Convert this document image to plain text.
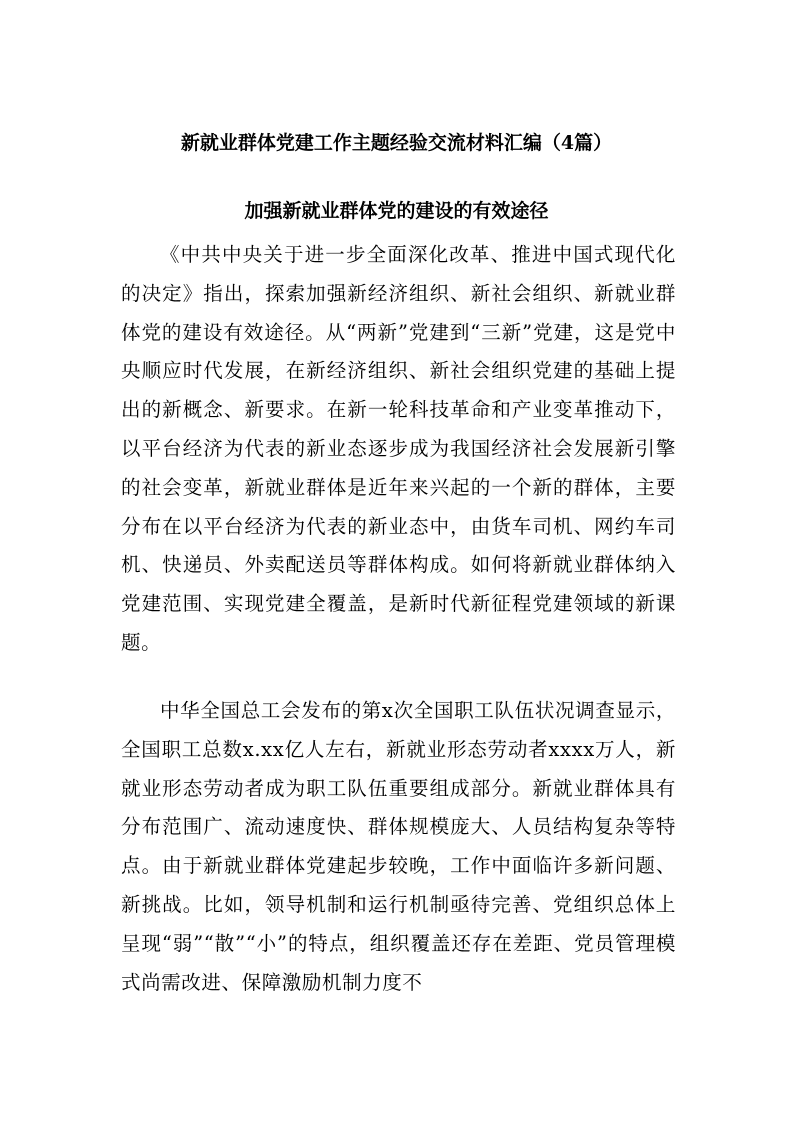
新就业群体党建工作主题经验交流材料汇编（4篇）
加强新就业群体党的建设的有效途径

《中共中央关于进一步全面深化改革、推进中国式现代化的决定》指出，探索加强新经济组织、新社会组织、新就业群体党的建设有效途径。从“两新”党建到“三新”党建，这是党中央顺应时代发展，在新经济组织、新社会组织党建的基础上提出的新概念、新要求。在新一轮科技革命和产业变革推动下，以平台经济为代表的新业态逐步成为我国经济社会发展新引擎的社会变革，新就业群体是近年来兴起的一个新的群体，主要分布在以平台经济为代表的新业态中，由货车司机、网约车司机、快递员、外卖配送员等群体构成。如何将新就业群体纳入党建范围、实现党建全覆盖，是新时代新征程党建领域的新课题。

中华全国总工会发布的第x次全国职工队伍状况调查显示，全国职工总数x.xx亿人左右，新就业形态劳动者xxxx万人，新就业形态劳动者成为职工队伍重要组成部分。新就业群体具有分布范围广、流动速度快、群体规模庞大、人员结构复杂等特点。由于新就业群体党建起步较晚，工作中面临许多新问题、新挑战。比如，领导机制和运行机制亟待完善、党组织总体上呈现“弱”“散”“小”的特点，组织覆盖还存在差距、党员管理模式尚需改进、保障激励机制力度不
